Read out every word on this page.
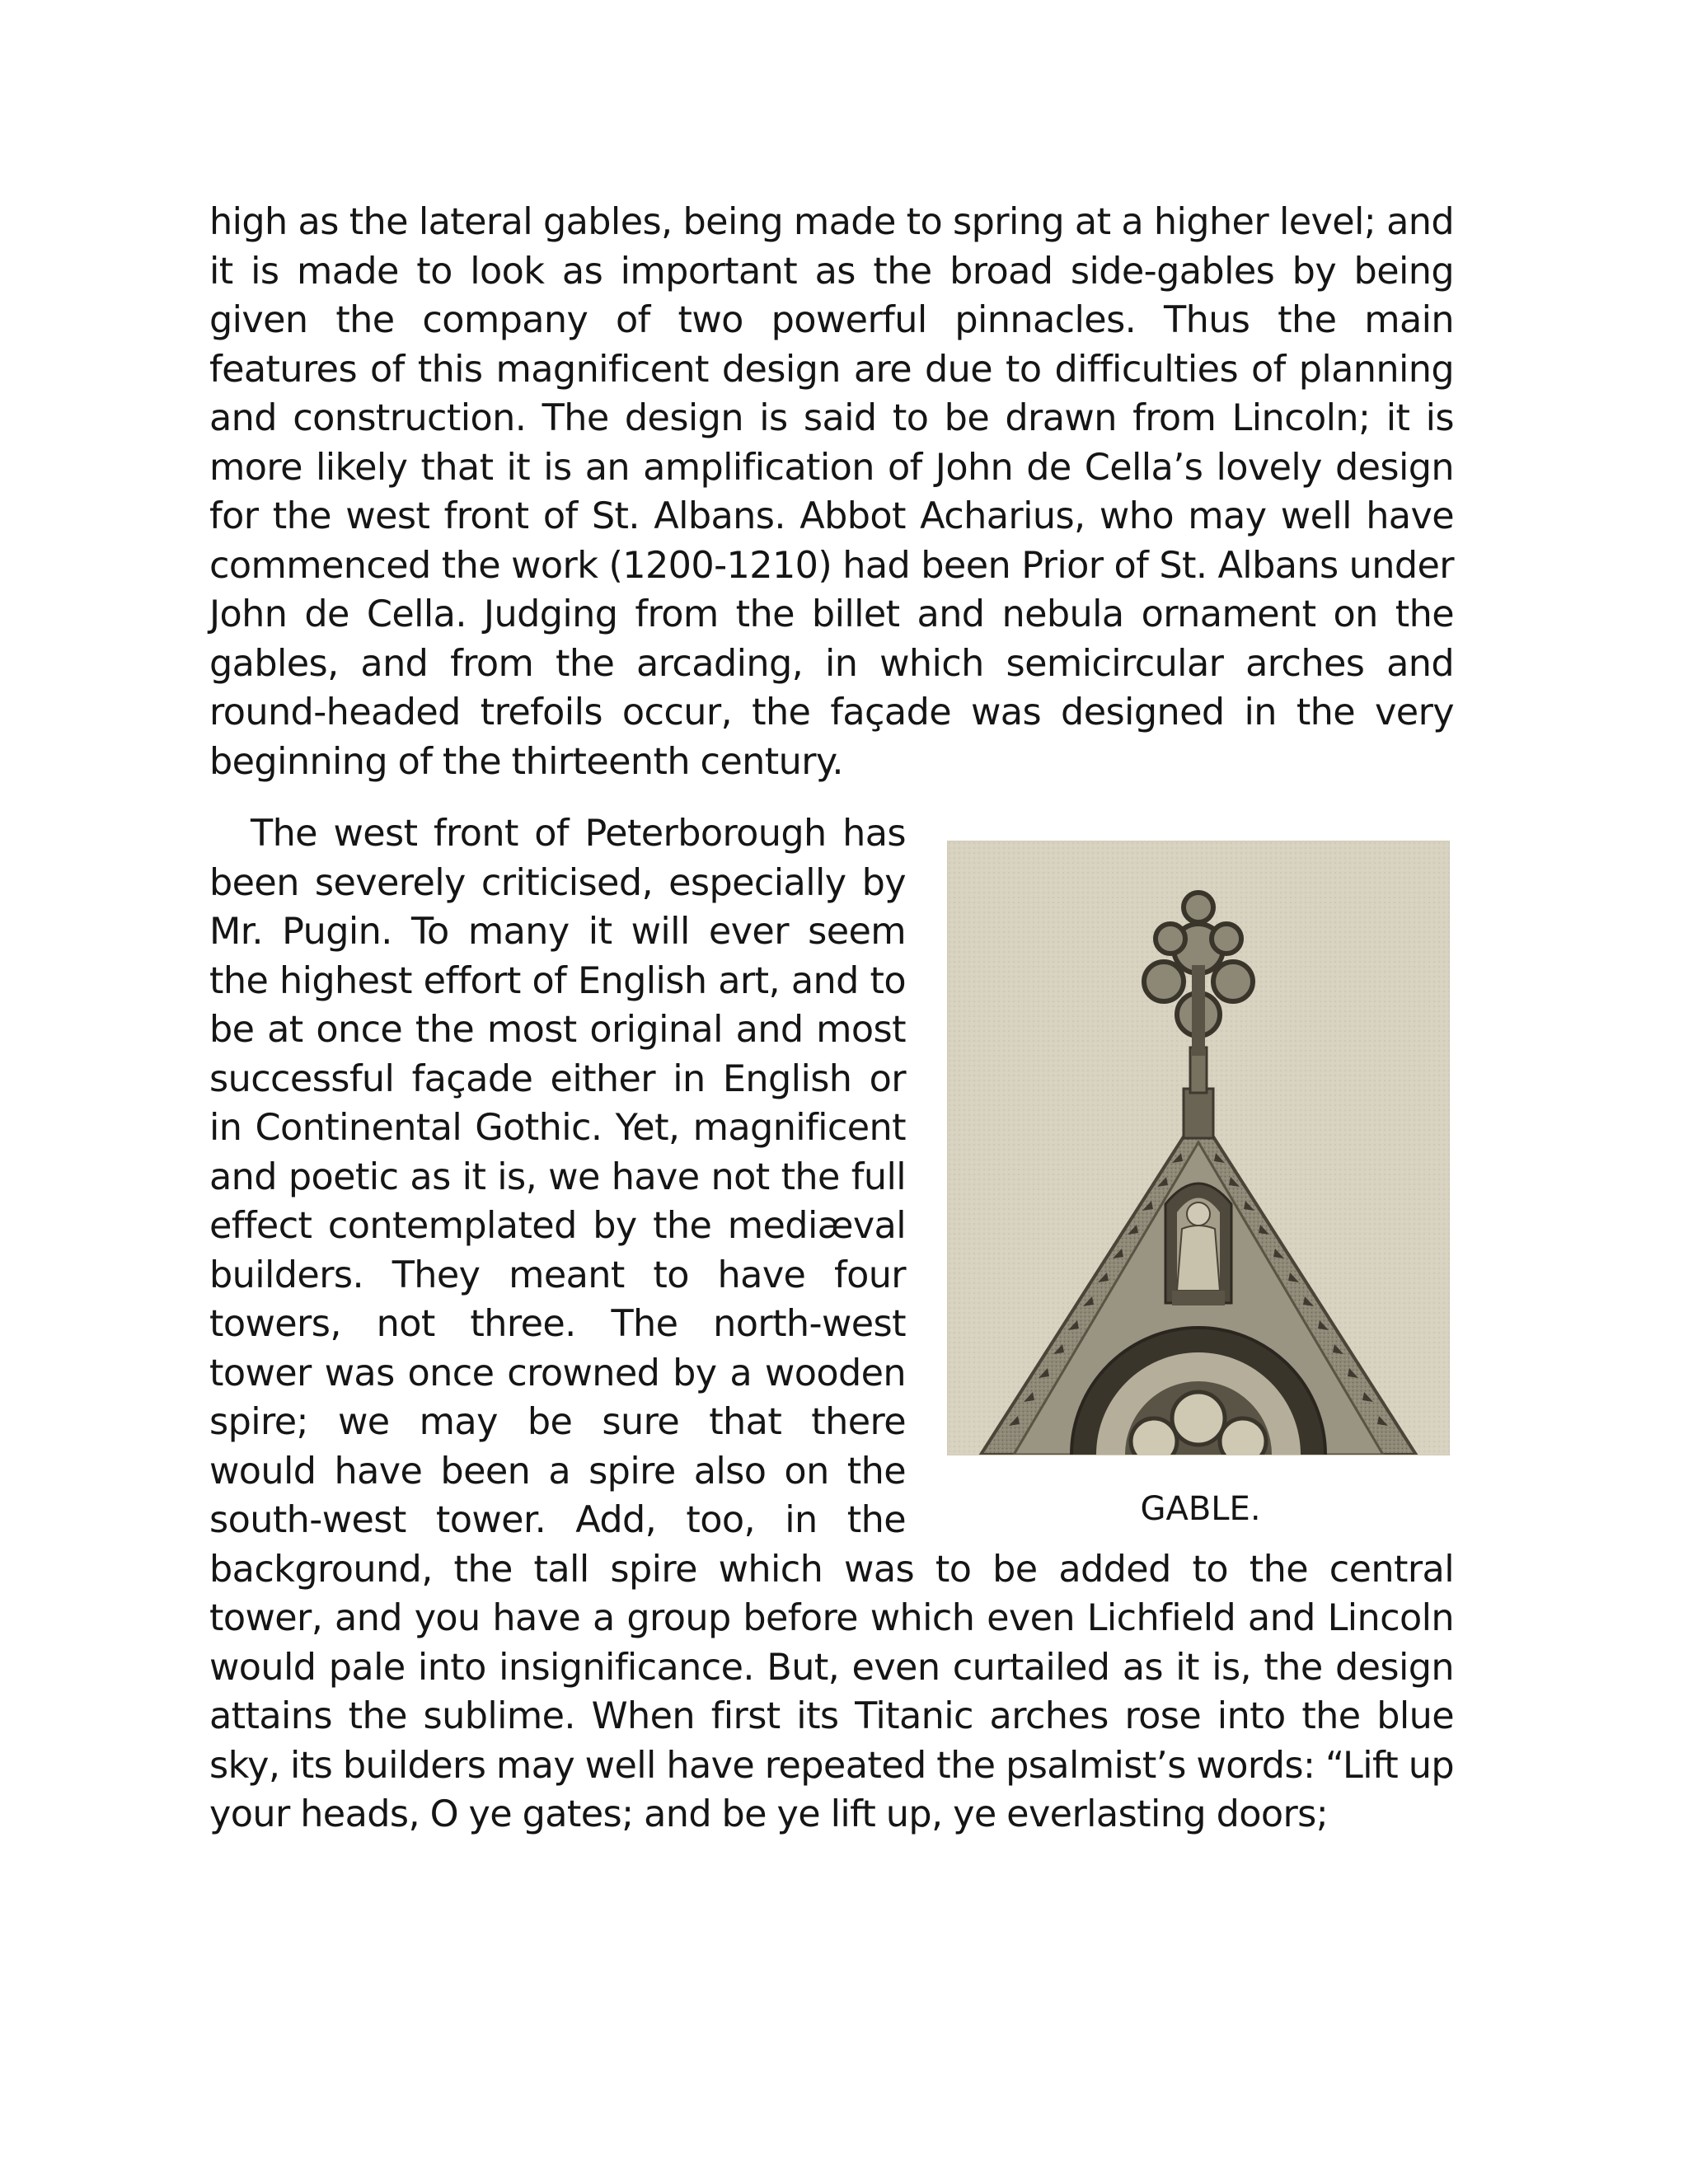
high as the lateral gables, being made to spring at a higher level; and it is made to look as important as the broad side-gables by being given the company of two powerful pinnacles. Thus the main features of this magnificent design are due to difficulties of planning and construction. The design is said to be drawn from Lincoln; it is more likely that it is an amplification of John de Cella’s lovely design for the west front of St. Albans. Abbot Acharius, who may well have commenced the work (1200-1210) had been Prior of St. Albans under John de Cella. Judging from the billet and nebula ornament on the gables, and from the arcading, in which semicircular arches and round-headed trefoils occur, the façade was designed in the very beginning of the thirteenth century.

GABLE.

The west front of Peterborough has been severely criticised, especially by Mr. Pugin. To many it will ever seem the highest effort of English art, and to be at once the most original and most successful façade either in English or in Continental Gothic. Yet, magnificent and poetic as it is, we have not the full effect contemplated by the mediæval builders. They meant to have four towers, not three. The north-west tower was once crowned by a wooden spire; we may be sure that there would have been a spire also on the south-west tower. Add, too, in the background, the tall spire which was to be added to the central tower, and you have a group before which even Lichfield and Lincoln would pale into insignificance. But, even curtailed as it is, the design attains the sublime. When first its Titanic arches rose into the blue sky, its builders may well have repeated the psalmist’s words: “Lift up your heads, O ye gates; and be ye lift up, ye everlasting doors;
